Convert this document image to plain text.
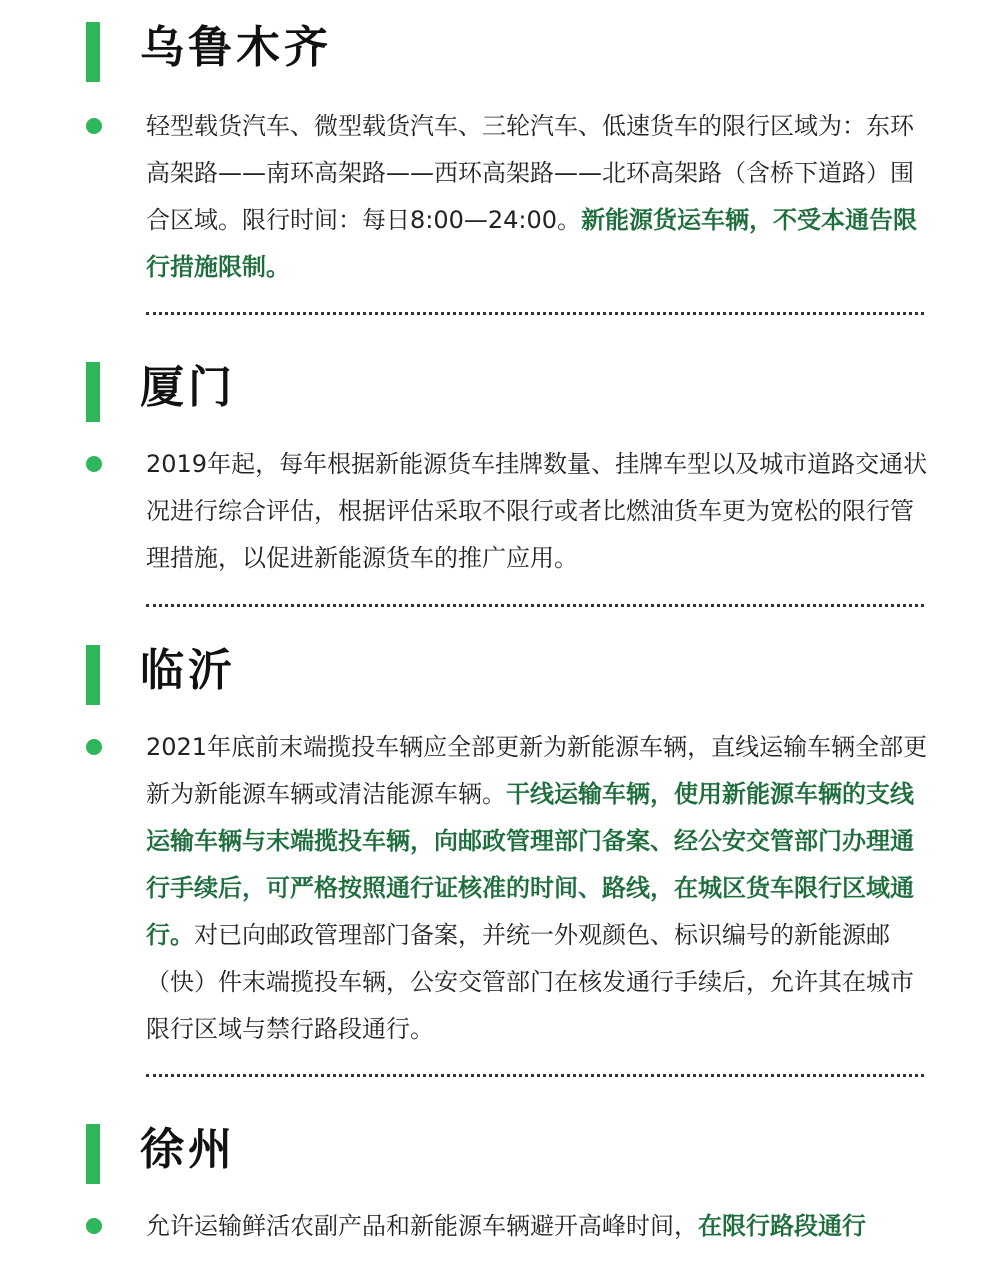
乌鲁木齐

轻型载货汽车、微型载货汽车、三轮汽车、低速货车的限行区域为：东环高架路——南环高架路——西环高架路——北环高架路（含桥下道路）围合区域。限行时间：每日8:00—24:00。新能源货运车辆，不受本通告限行措施限制。

厦门

2019年起，每年根据新能源货车挂牌数量、挂牌车型以及城市道路交通状况进行综合评估，根据评估采取不限行或者比燃油货车更为宽松的限行管理措施，以促进新能源货车的推广应用。

临沂

2021年底前末端揽投车辆应全部更新为新能源车辆，直线运输车辆全部更新为新能源车辆或清洁能源车辆。干线运输车辆，使用新能源车辆的支线运输车辆与末端揽投车辆，向邮政管理部门备案、经公安交管部门办理通行手续后，可严格按照通行证核准的时间、路线，在城区货车限行区域通行。对已向邮政管理部门备案，并统一外观颜色、标识编号的新能源邮（快）件末端揽投车辆，公安交管部门在核发通行手续后，允许其在城市限行区域与禁行路段通行。

徐州

允许运输鲜活农副产品和新能源车辆避开高峰时间，在限行路段通行
